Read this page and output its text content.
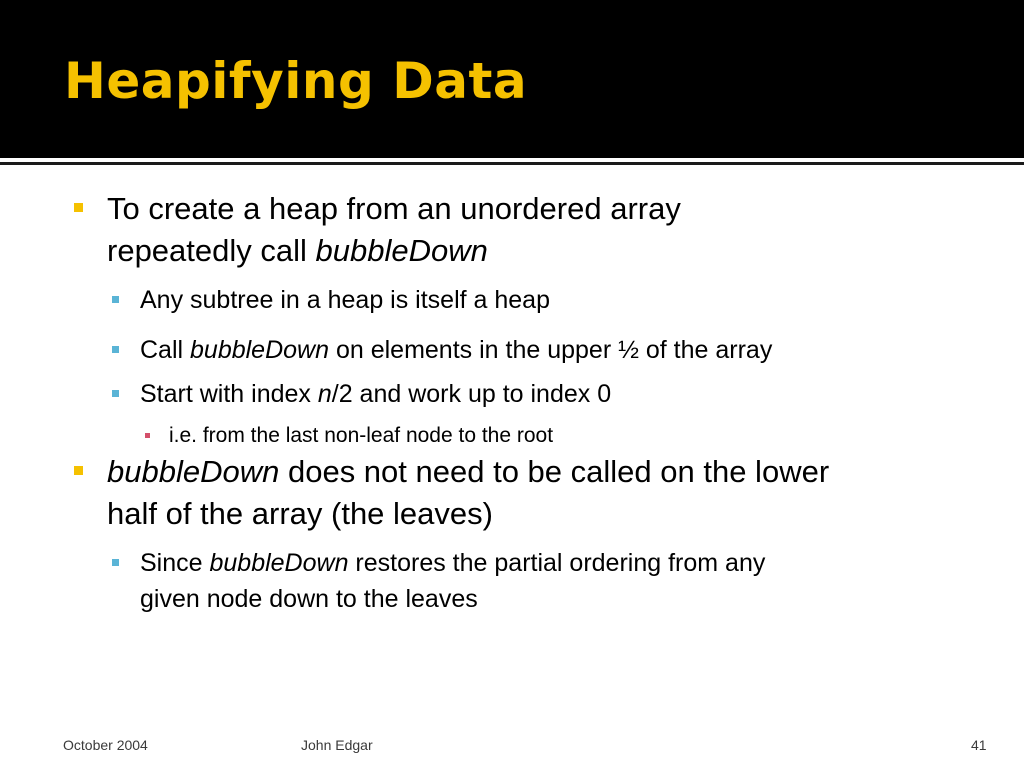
Heapifying Data
To create a heap from an unordered array
repeatedly call bubbleDown
Any subtree in a heap is itself a heap
Call bubbleDown on elements in the upper ½ of the array
Start with index n/2 and work up to index 0
i.e. from the last non-leaf node to the root
bubbleDown does not need to be called on the lower
half of the array (the leaves)
Since bubbleDown restores the partial ordering from any
given node down to the leaves
October 2004	John Edgar	41
